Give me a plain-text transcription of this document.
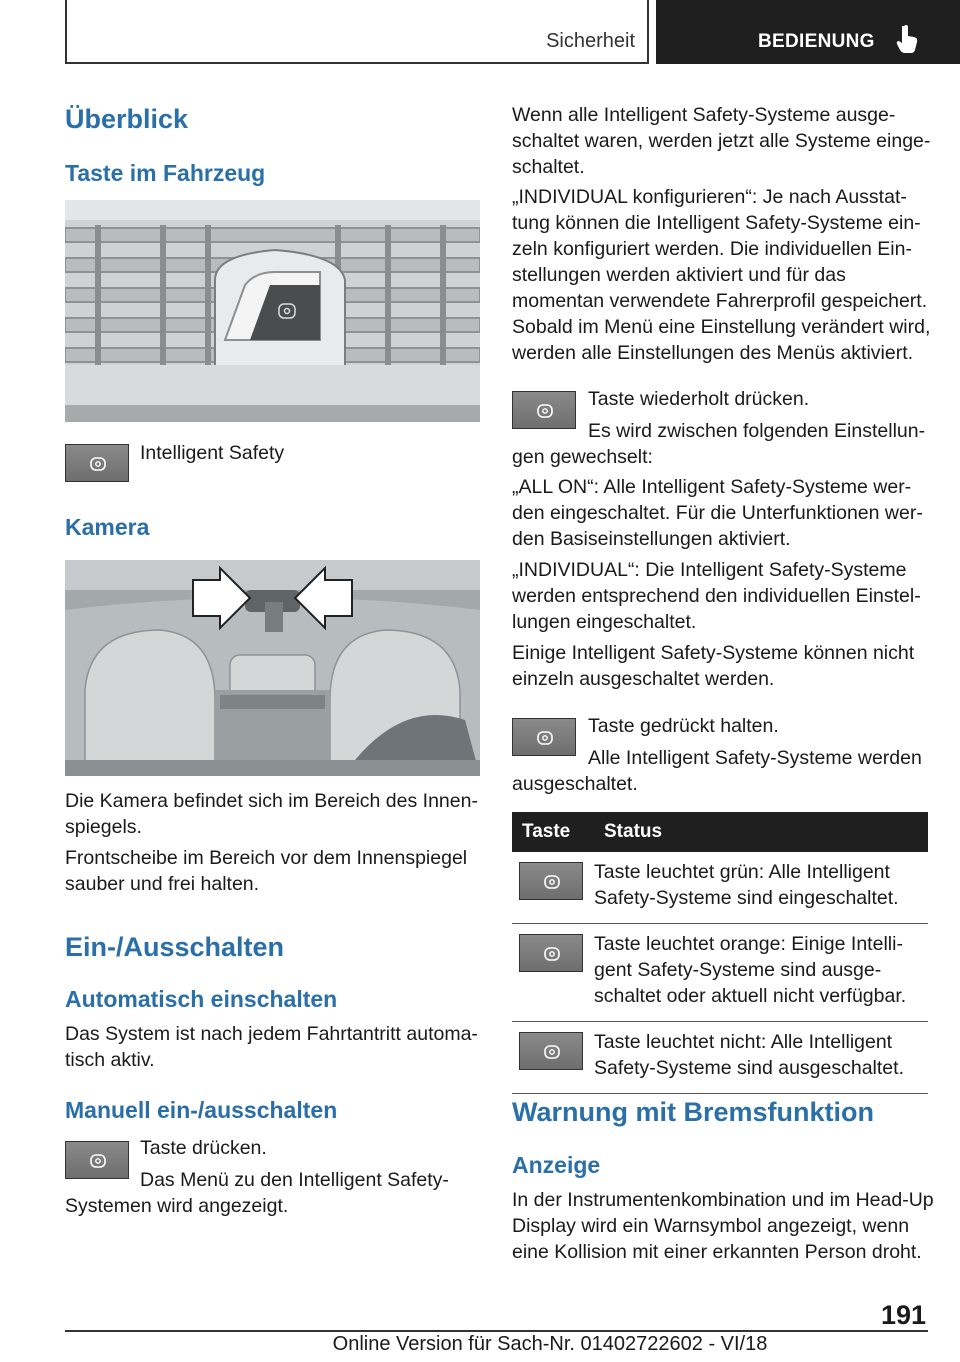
Sicherheit	BEDIENUNG
Überblick
Taste im Fahrzeug
Intelligent Safety
Kamera
Die Kamera befindet sich im Bereich des Innen-
spiegels.
Frontscheibe im Bereich vor dem Innenspiegel
sauber und frei halten.
Ein-/Ausschalten
Automatisch einschalten
Das System ist nach jedem Fahrtantritt automa-
tisch aktiv.
Manuell ein-/ausschalten
Taste drücken.
Das Menü zu den Intelligent Safety-
Systemen wird angezeigt.
Wenn alle Intelligent Safety-Systeme ausge-
schaltet waren, werden jetzt alle Systeme einge-
schaltet.
„INDIVIDUAL konfigurieren“: Je nach Ausstat-
tung können die Intelligent Safety-Systeme ein-
zeln konfiguriert werden. Die individuellen Ein-
stellungen werden aktiviert und für das
momentan verwendete Fahrerprofil gespeichert.
Sobald im Menü eine Einstellung verändert wird,
werden alle Einstellungen des Menüs aktiviert.
Taste wiederholt drücken.
Es wird zwischen folgenden Einstellun-
gen gewechselt:
„ALL ON“: Alle Intelligent Safety-Systeme wer-
den eingeschaltet. Für die Unterfunktionen wer-
den Basiseinstellungen aktiviert.
„INDIVIDUAL“: Die Intelligent Safety-Systeme
werden entsprechend den individuellen Einstel-
lungen eingeschaltet.
Einige Intelligent Safety-Systeme können nicht
einzeln ausgeschaltet werden.
Taste gedrückt halten.
Alle Intelligent Safety-Systeme werden
ausgeschaltet.
Taste	Status

Taste leuchtet grün: Alle Intelligent
Safety-Systeme sind eingeschaltet.

Taste leuchtet orange: Einige Intelli-
gent Safety-Systeme sind ausge-
schaltet oder aktuell nicht verfügbar.

Taste leuchtet nicht: Alle Intelligent
Safety-Systeme sind ausgeschaltet.
Warnung mit Bremsfunktion
Anzeige
In der Instrumentenkombination und im Head-Up
Display wird ein Warnsymbol angezeigt, wenn
eine Kollision mit einer erkannten Person droht.
191
Online Version für Sach-Nr. 01402722602 - VI/18
